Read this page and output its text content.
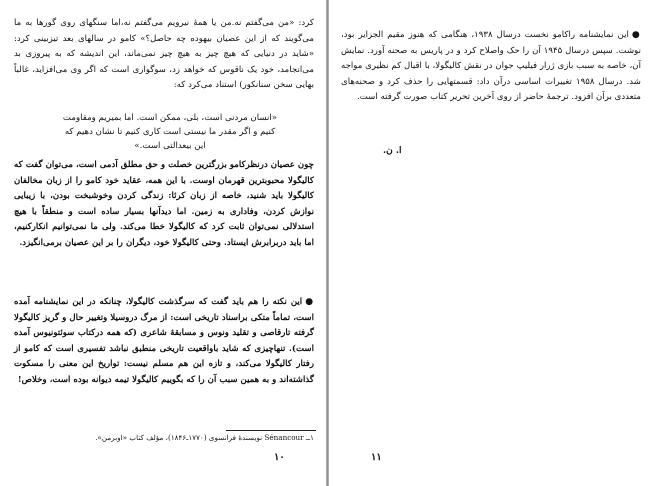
کرد: «من می‌گفتم نه.من یا همهٔ نیرویم می‌گفتم نه،اما سنگهای روی گورها به ما می‌گویند که از این عصیان بیهوده چه حاصل؟» کامو در سالهای بعد تیزبینی کرد: «شاید در دنیایی که هیچ چیز به هیچ چیز نمی‌ماند، این اندیشه که به پیروزی بد می‌انجامد، خود یک ناقوس که خواهد زد، سوگواری است که اگر وی می‌افزاید، غالباً بهایی سخن سنانکور) استناد می‌کرد که:

«انسان مردنی است، بلی، ممکن است. اما بمیریم ومقاومت

کنیم و اگر مقدر ما نیستی است کاری کنیم تا نشان دهیم که

این بیعدالتی است.»

چون عصیان درنظرکامو بزرگترین خصلت و حق مطلق آدمی است، می‌توان گفت که کالیگولا محبوبترین قهرمان اوست. با این همه، عقاید خود کامو را از زبان مخالفان کالیگولا باید شنید، خاصه از زبان کرئا: زندگی کردن وخوشبخت بودن، با زیبایی نوازش کردن، وفاداری به زمین. اما دیدآنها بسیار ساده است و منطقاً با هیچ استدلالی نمی‌توان ثابت کرد که کالیگولا خطا می‌کند. ولی ما نمی‌توانیم انکارکنیم، اما باید دربرابرش ایستاد. وحتی کالیگولا خود، دیگران را بر این عصیان برمی‌انگیزد.

●این نکته را هم باید گفت که سرگذشت کالیگولا، چنانکه در این نمایشنامه آمده است، تماماً متکی براسناد تاریخی است: از مرگ دروسیلا وتغییر حال و گریز کالیگولا گرفته تارقاصی و تقلید ونوس و مسابقهٔ شاعری (که همه درکتاب سوئتونیوس آمده است). تنهاچیزی که شاید باواقعیت تاریخی منطبق نباشد تفسیری است که کامو از رفتار کالیگولا می‌کند، و تازه این هم مسلم نیست: تواریخ این معنی را مسکوت گذاشته‌اند و به همین سبب آن را که بگوییم کالیگولا تیمه دیوانه بوده است، وخلاص!

۱ــ Sénancour نویسندهٔ فرانسوی (۱۷۷۰ـ۱۸۴۶)، مؤلف کتاب «اوبرمن».
۱۰

●این نمایشنامه راکامو نخست درسال ۱۹۳۸، هنگامی که هنوز مقیم الجزایر بود، نوشت. سپس درسال ۱۹۴۵ آن را حک واصلاح کرد و در پاریس به صحنه آورد. نمایش آن، خاصه به سبب بازی ژرار فیلیپ جوان در نقش کالیگولا، با اقبال کم نظیری مواجه شد. درسال ۱۹۵۸ تغییرات اساسی درآن داد: قسمتهایی را حذف کرد و صحنه‌های متعددی برآن افزود. ترجمهٔ حاضر از روی آخرین تحریر کتاب صورت گرفته است.

ا. ن.
۱۱
